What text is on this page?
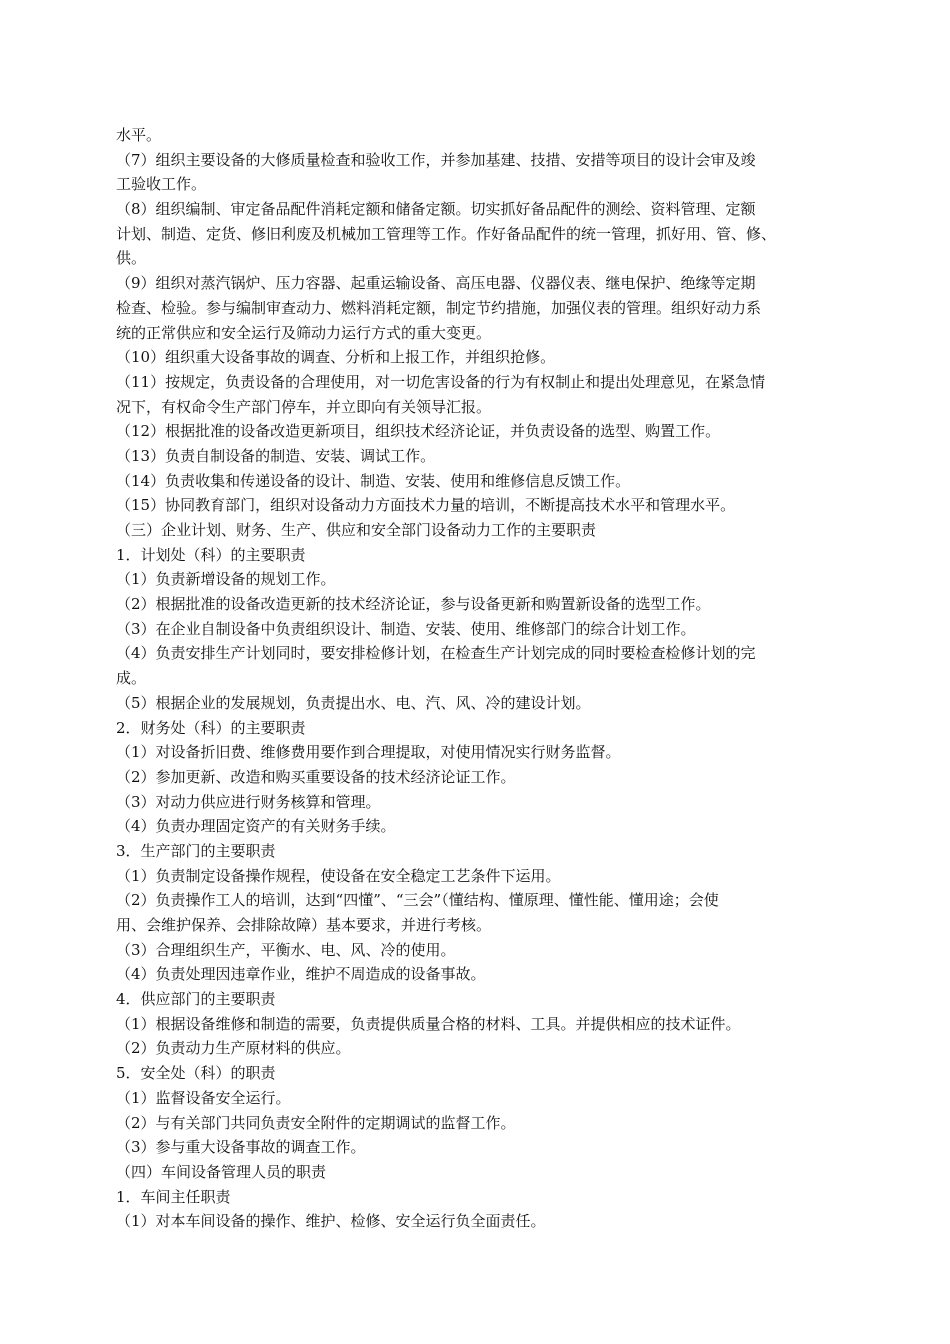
水平。
（7）组织主要设备的大修质量检查和验收工作，并参加基建、技措、安措等项目的设计会审及竣
工验收工作。
（8）组织编制、审定备品配件消耗定额和储备定额。切实抓好备品配件的测绘、资料管理、定额
计划、制造、定货、修旧利废及机械加工管理等工作。作好备品配件的统一管理，抓好用、管、修、
供。
（9）组织对蒸汽锅炉、压力容器、起重运输设备、高压电器、仪器仪表、继电保护、绝缘等定期
检查、检验。参与编制审查动力、燃料消耗定额，制定节约措施，加强仪表的管理。组织好动力系
统的正常供应和安全运行及筛动力运行方式的重大变更。
（10）组织重大设备事故的调查、分析和上报工作，并组织抢修。
（11）按规定，负责设备的合理使用，对一切危害设备的行为有权制止和提出处理意见，在紧急情
况下，有权命令生产部门停车，并立即向有关领导汇报。
（12）根据批准的设备改造更新项目，组织技术经济论证，并负责设备的选型、购置工作。
（13）负责自制设备的制造、安装、调试工作。
（14）负责收集和传递设备的设计、制造、安装、使用和维修信息反馈工作。
（15）协同教育部门，组织对设备动力方面技术力量的培训，不断提高技术水平和管理水平。
（三）企业计划、财务、生产、供应和安全部门设备动力工作的主要职责
1．计划处（科）的主要职责
（1）负责新增设备的规划工作。
（2）根据批准的设备改造更新的技术经济论证，参与设备更新和购置新设备的选型工作。
（3）在企业自制设备中负责组织设计、制造、安装、使用、维修部门的综合计划工作。
（4）负责安排生产计划同时，要安排检修计划，在检查生产计划完成的同时要检查检修计划的完
成。
（5）根据企业的发展规划，负责提出水、电、汽、风、冷的建设计划。
2．财务处（科）的主要职责
（1）对设备折旧费、维修费用要作到合理提取，对使用情况实行财务监督。
（2）参加更新、改造和购买重要设备的技术经济论证工作。
（3）对动力供应进行财务核算和管理。
（4）负责办理固定资产的有关财务手续。
3．生产部门的主要职责
（1）负责制定设备操作规程，使设备在安全稳定工艺条件下运用。
（2）负责操作工人的培训，达到“四懂”、“三会”（懂结构、懂原理、懂性能、懂用途；会使
用、会维护保养、会排除故障）基本要求，并进行考核。
（3）合理组织生产，平衡水、电、风、冷的使用。
（4）负责处理因违章作业，维护不周造成的设备事故。
4．供应部门的主要职责
（1）根据设备维修和制造的需要，负责提供质量合格的材料、工具。并提供相应的技术证件。
（2）负责动力生产原材料的供应。
5．安全处（科）的职责
（1）监督设备安全运行。
（2）与有关部门共同负责安全附件的定期调试的监督工作。
（3）参与重大设备事故的调查工作。
（四）车间设备管理人员的职责
1．车间主任职责
（1）对本车间设备的操作、维护、检修、安全运行负全面责任。
